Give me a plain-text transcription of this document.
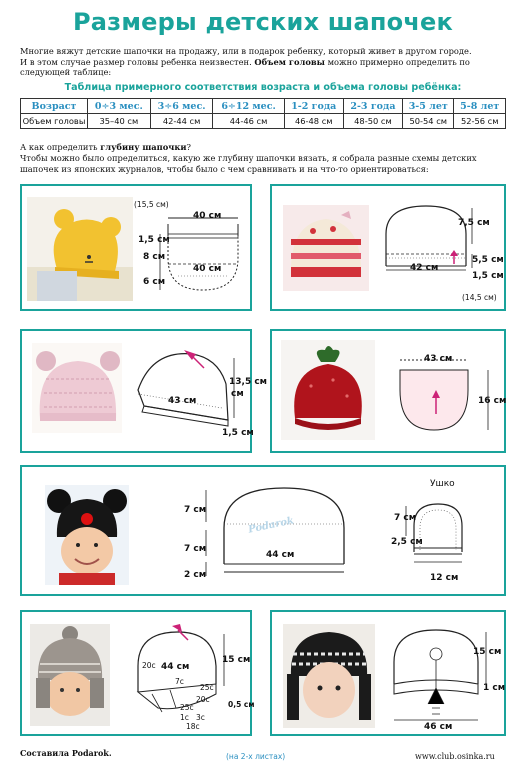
Размеры детских шапочек
Многие вяжут детские шапочки на продажу, или в подарок ребенку, который живет в другом городе.
И в этом случае размер головы ребенка неизвестен. Объем головы можно примерно определить по
следующей таблице:
Таблица примерного соответствия возраста и объема головы ребёнка:
Возраст	0÷3 мес.	3÷6 мес.	6÷12 мес.	1-2 года	2-3 года	3-5 лет	5-8 лет
Объем головы	35–40 см	42-44 см	44-46 см	46-48 см	48-50 см	50-54 см	52-56 см
А как определить глубину шапочки?
Чтобы можно было определиться, какую же глубину шапочки вязать, я собрала разные схемы детских
шапочек из японских журналов, чтобы было с чем сравнивать и на что-то ориентироваться:
(15,5 см)
40 см
1,5 см
8 см
40 см
6 см
7,5 см
42 см
5,5 см
1,5 см
(14,5 см)
43 см
13,5 см
см
1,5 см
43 см
16 см
Podarok
7 см
7 см
44 см
2 см
Ушко
7 см
2,5 см
12 см
44 см
15 см
20c
7c
25c
20c
0,5 см
25c
1c 3c
18c
15 см
1 см
46 см
Составила Podarok.	(на 2-х листах)	www.club.osinka.ru
